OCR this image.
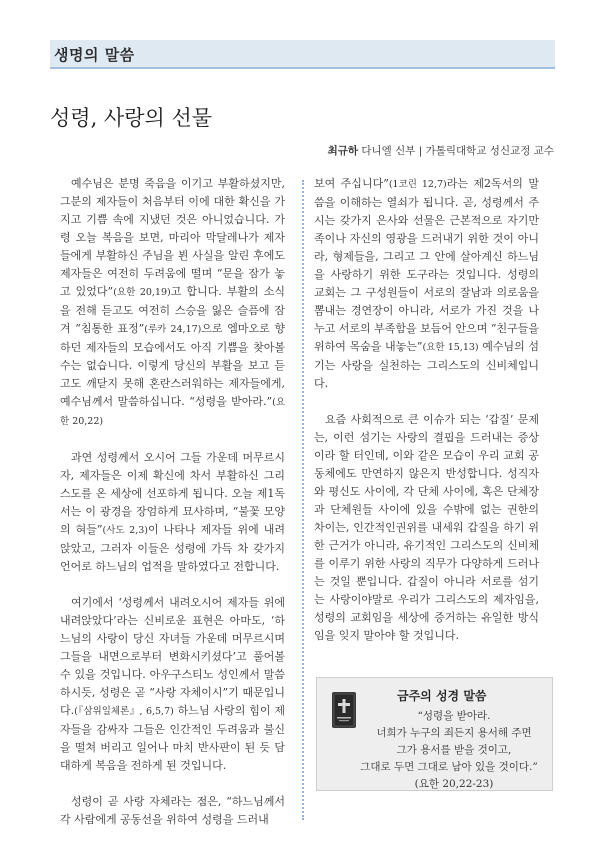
생명의 말씀
성령, 사랑의 선물
최규하 다니엘 신부 | 가톨릭대학교 성신교정 교수

예수님은 분명 죽음을 이기고 부활하셨지만, 그분의 제자들이 처음부터 이에 대한 확신을 가지고 기쁨 속에 지냈던 것은 아니었습니다. 가령 오늘 복음을 보면, 마리아 막달레나가 제자들에게 부활하신 주님을 뵌 사실을 알린 후에도 제자들은 여전히 두려움에 떨며 “문을 잠가 놓고 있었다”(요한 20,19)고 합니다. 부활의 소식을 전해 듣고도 여전히 스승을 잃은 슬픔에 잠겨 “침통한 표정”(루카 24,17)으로 엠마오로 향하던 제자들의 모습에서도 아직 기쁨을 찾아볼 수는 없습니다. 이렇게 당신의 부활을 보고 듣고도 깨닫지 못해 혼란스러워하는 제자들에게, 예수님께서 말씀하십니다. “성령을 받아라.”(요한 20,22)

과연 성령께서 오시어 그들 가운데 머무르시자, 제자들은 이제 확신에 차서 부활하신 그리스도를 온 세상에 선포하게 됩니다. 오늘 제1독서는 이 광경을 장엄하게 묘사하며, “불꽃 모양의 혀들”(사도 2,3)이 나타나 제자들 위에 내려앉았고, 그러자 이들은 성령에 가득 차 갖가지 언어로 하느님의 업적을 말하였다고 전합니다.

여기에서 ‘성령께서 내려오시어 제자들 위에 내려앉았다’라는 신비로운 표현은 아마도, ‘하느님의 사랑이 당신 자녀들 가운데 머무르시며 그들을 내면으로부터 변화시키셨다’고 풀어볼 수 있을 것입니다. 아우구스티노 성인께서 말씀하시듯, 성령은 곧 “사랑 자체이시”기 때문입니다.(『삼위일체론』, 6,5,7) 하느님 사랑의 힘이 제자들을 감싸자 그들은 인간적인 두려움과 불신을 떨쳐 버리고 일어나 마치 반사판이 된 듯 담대하게 복음을 전하게 된 것입니다.

성령이 곧 사랑 자체라는 점은, “하느님께서 각 사람에게 공동선을 위하여 성령을 드러내

보여 주십니다”(1코린 12,7)라는 제2독서의 말씀을 이해하는 열쇠가 됩니다. 곧, 성령께서 주시는 갖가지 은사와 선물은 근본적으로 자기만족이나 자신의 영광을 드러내기 위한 것이 아니라, 형제들을, 그리고 그 안에 살아계신 하느님을 사랑하기 위한 도구라는 것입니다. 성령의 교회는 그 구성원들이 서로의 잘남과 의로움을 뽐내는 경연장이 아니라, 서로가 가진 것을 나누고 서로의 부족함을 보듬어 안으며 “친구들을 위하여 목숨을 내놓는”(요한 15,13) 예수님의 섬기는 사랑을 실천하는 그리스도의 신비체입니다.

요즘 사회적으로 큰 이슈가 되는 ‘갑질’ 문제는, 이런 섬기는 사랑의 결핍을 드러내는 증상이라 할 터인데, 이와 같은 모습이 우리 교회 공동체에도 만연하지 않은지 반성합니다. 성직자와 평신도 사이에, 각 단체 사이에, 혹은 단체장과 단체원들 사이에 있을 수밖에 없는 권한의 차이는, 인간적인권위를 내세워 갑질을 하기 위한 근거가 아니라, 유기적인 그리스도의 신비체를 이루기 위한 사랑의 직무가 다양하게 드러나는 것일 뿐입니다. 갑질이 아니라 서로를 섬기는 사랑이야말로 우리가 그리스도의 제자임을, 성령의 교회임을 세상에 증거하는 유일한 방식임을 잊지 말아야 할 것입니다.

금주의 성경 말씀
“성령을 받아라.
너희가 누구의 죄든지 용서해 주면
그가 용서를 받을 것이고,
그대로 두면 그대로 남아 있을 것이다.”
(요한 20,22-23)
